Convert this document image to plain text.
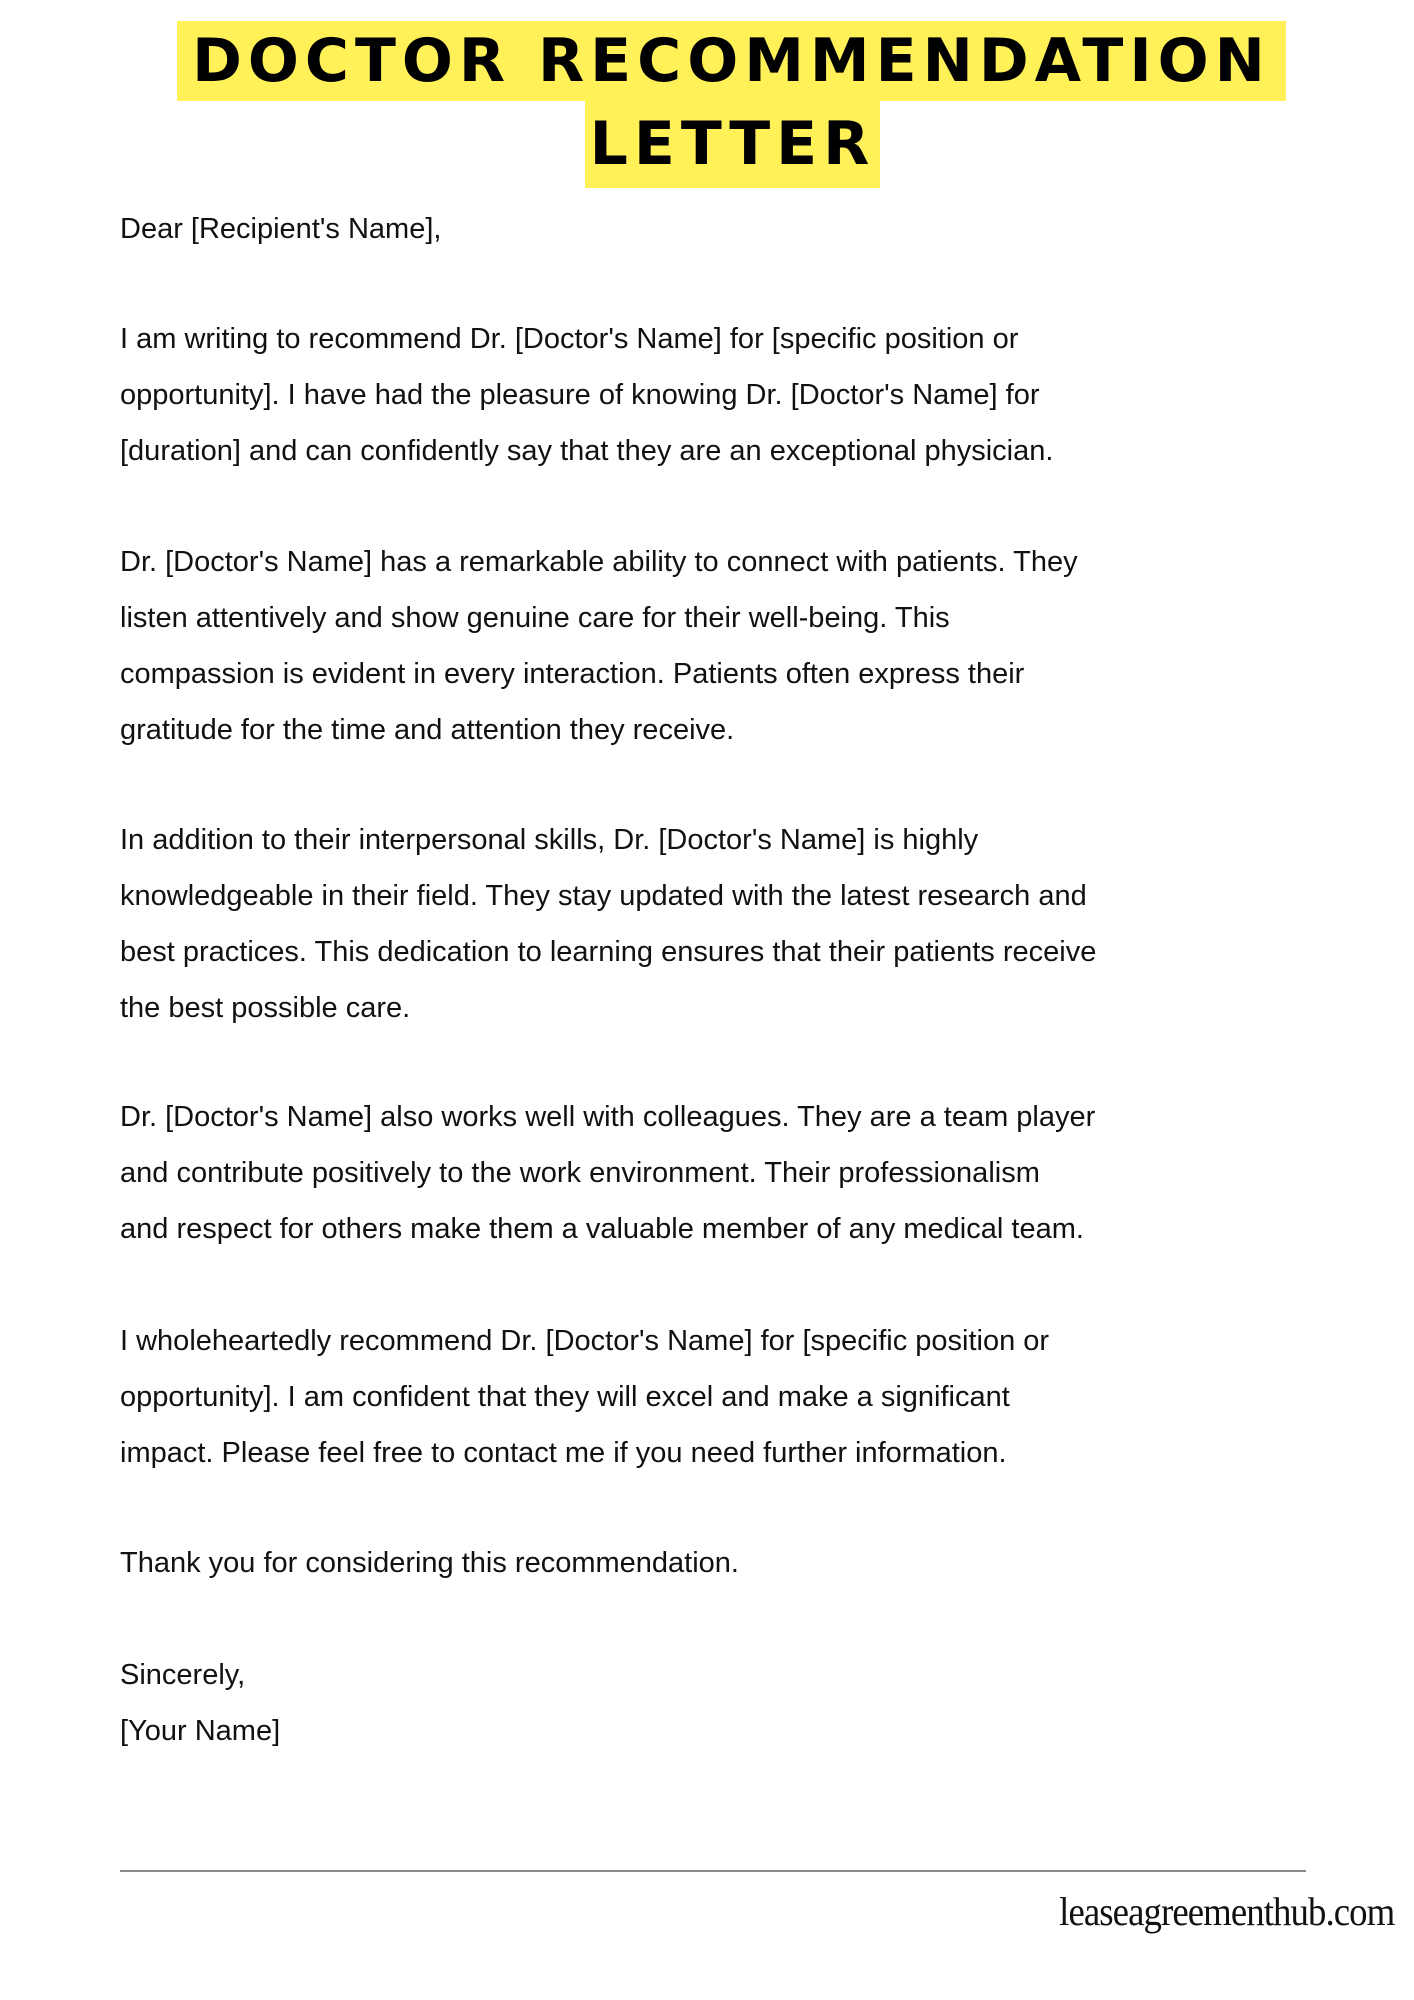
DOCTOR RECOMMENDATION
LETTER
Dear [Recipient's Name],
I am writing to recommend Dr. [Doctor's Name] for [specific position or
opportunity]. I have had the pleasure of knowing Dr. [Doctor's Name] for
[duration] and can confidently say that they are an exceptional physician.
Dr. [Doctor's Name] has a remarkable ability to connect with patients. They
listen attentively and show genuine care for their well-being. This
compassion is evident in every interaction. Patients often express their
gratitude for the time and attention they receive.
In addition to their interpersonal skills, Dr. [Doctor's Name] is highly
knowledgeable in their field. They stay updated with the latest research and
best practices. This dedication to learning ensures that their patients receive
the best possible care.
Dr. [Doctor's Name] also works well with colleagues. They are a team player
and contribute positively to the work environment. Their professionalism
and respect for others make them a valuable member of any medical team.
I wholeheartedly recommend Dr. [Doctor's Name] for [specific position or
opportunity]. I am confident that they will excel and make a significant
impact. Please feel free to contact me if you need further information.
Thank you for considering this recommendation.
Sincerely,
[Your Name]
leaseagreementhub.com
